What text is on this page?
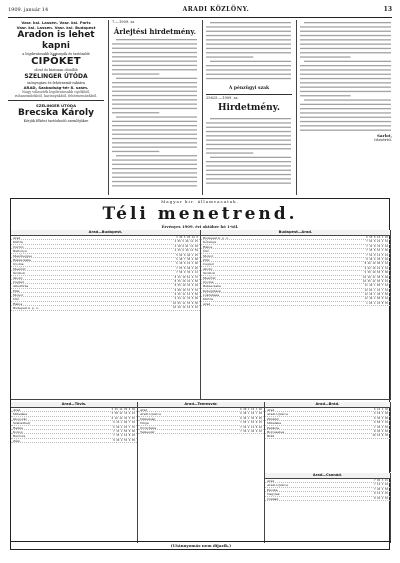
1909. január 14	ARADI KÖZLÖNY.	13
Vasr. ksl. Lassen. Vasr. ksl. Paris
Vasr. ksl. Lassen. Vasr. ksl. Budapest
Aradon is lehet kapni
a legdivatosabb harisnyák és tartósabb
CIPŐKET
olcsó és biztosan olcsóbb
SZELINGER ÚTÓDA
szőnyegáru és fehérnemű-raktára
ARAD, Szabadság-tér 8. szám.
Nagy választék legdivatosabb cipőkből, ruhaneműekből, harisnyákból, fehérneműekből.
SZELINGER ÚTÓDA
Brecska Károly
Kérjük főként tartózkodó szemléjükre
7.—1909. sz.
Árlejtési hirdetmény.
A pénzügyi szak
25625.—1909. sz.
Hirdetmény.
Sarlot,
tőzsértő.
Magyar kir. államvasutak.
Téli menetrend.
Érvényes 1909. évi október hó 1-től.
Arad—Budapest.
Arad	3 40 5 20 12 0
Kürtös	4 05 5 46 12 25
Curtici	4 18 6 01 12 40
Battonya	4 35 6 20 12 59
Mezőhegyes	5 02 6 46 1 25
Békéscsaba	5 48 7 30 2 08
Gyoma	6 40 8 22 3 00
Mezőtúr	7 05 8 48 3 26
Szolnok	7 50 9 36 4 12
Abony	8 15 10 01 4 37
Cegléd	8 35 10 22 4 58
Albertirsa	8 55 10 43 5 18
Pilis	9 08 10 57 5 32
Monor	9 25 11 15 5 50
Üllő	9 44 11 34 6 09
Rákos	10 05 11 55 6 30
Budapest k. p. u.	10 20 12 10 6 45
Budapest—Arad.
Budapest k. p. u.	6 50 8 10 2 20
Kőbánya	7 02 8 22 2 32
Rákos	7 12 8 32 2 42
Üllő	7 35 8 55 3 05
Monor	7 52 9 12 3 22
Pilis	8 10 9 30 3 40
Cegléd	8 40 10 00 4 10
Abony	9 02 10 22 4 32
Szolnok	9 30 10 50 5 00
Mezőtúr	10 18 11 38 5 48
Gyoma	10 45 12 05 6 15
Békéscsaba	11 40 1 00 7 10
Kétegyháza	12 02 1 22 7 32
Lőkösháza	12 20 1 40 7 50
Kürtös	12 40 2 00 8 10
Arad	1 05 2 25 8 35
Arad—Tövis.
Arad	5 45 12 20 6 30
Mikelaka	5 58 12 33 6 43
Glogovác	6 10 12 45 6 55
Szabadhely	6 25 1 00 7 10
Radna	6 50 1 25 7 35
Konop	7 15 1 50 8 00
Berzova	7 35 2 10 8 20
Zám	8 20 2 55 9 05
Arad—Temesvár.
Arad	6 20 1 10 7 40
Aradi-Ujváros	6 28 1 18 7 48
Németság	6 45 1 35 8 05
Vinga	7 05 1 55 8 25
Orczyfalva	7 22 2 12 8 42
Temesvár	7 50 2 40 9 10
Arad—Brád.
Arad	6 10 2 30
Aradi-Ujváros	6 18 2 38
Zimánd	6 40 3 00
Mikelaka	6 58 3 18
Pankota	7 30 3 50
Borossebes	8 20 4 40
Brád	10 10 6 30
Arad—Csanád.
Arad	7 05 3 15
Aradi-Ujváros	7 12 3 22
Pécska	7 40 3 50
Nagylak	8 15 4 25
Csanád	8 45 4 55
(Utánnyomás nem díjazik.)
